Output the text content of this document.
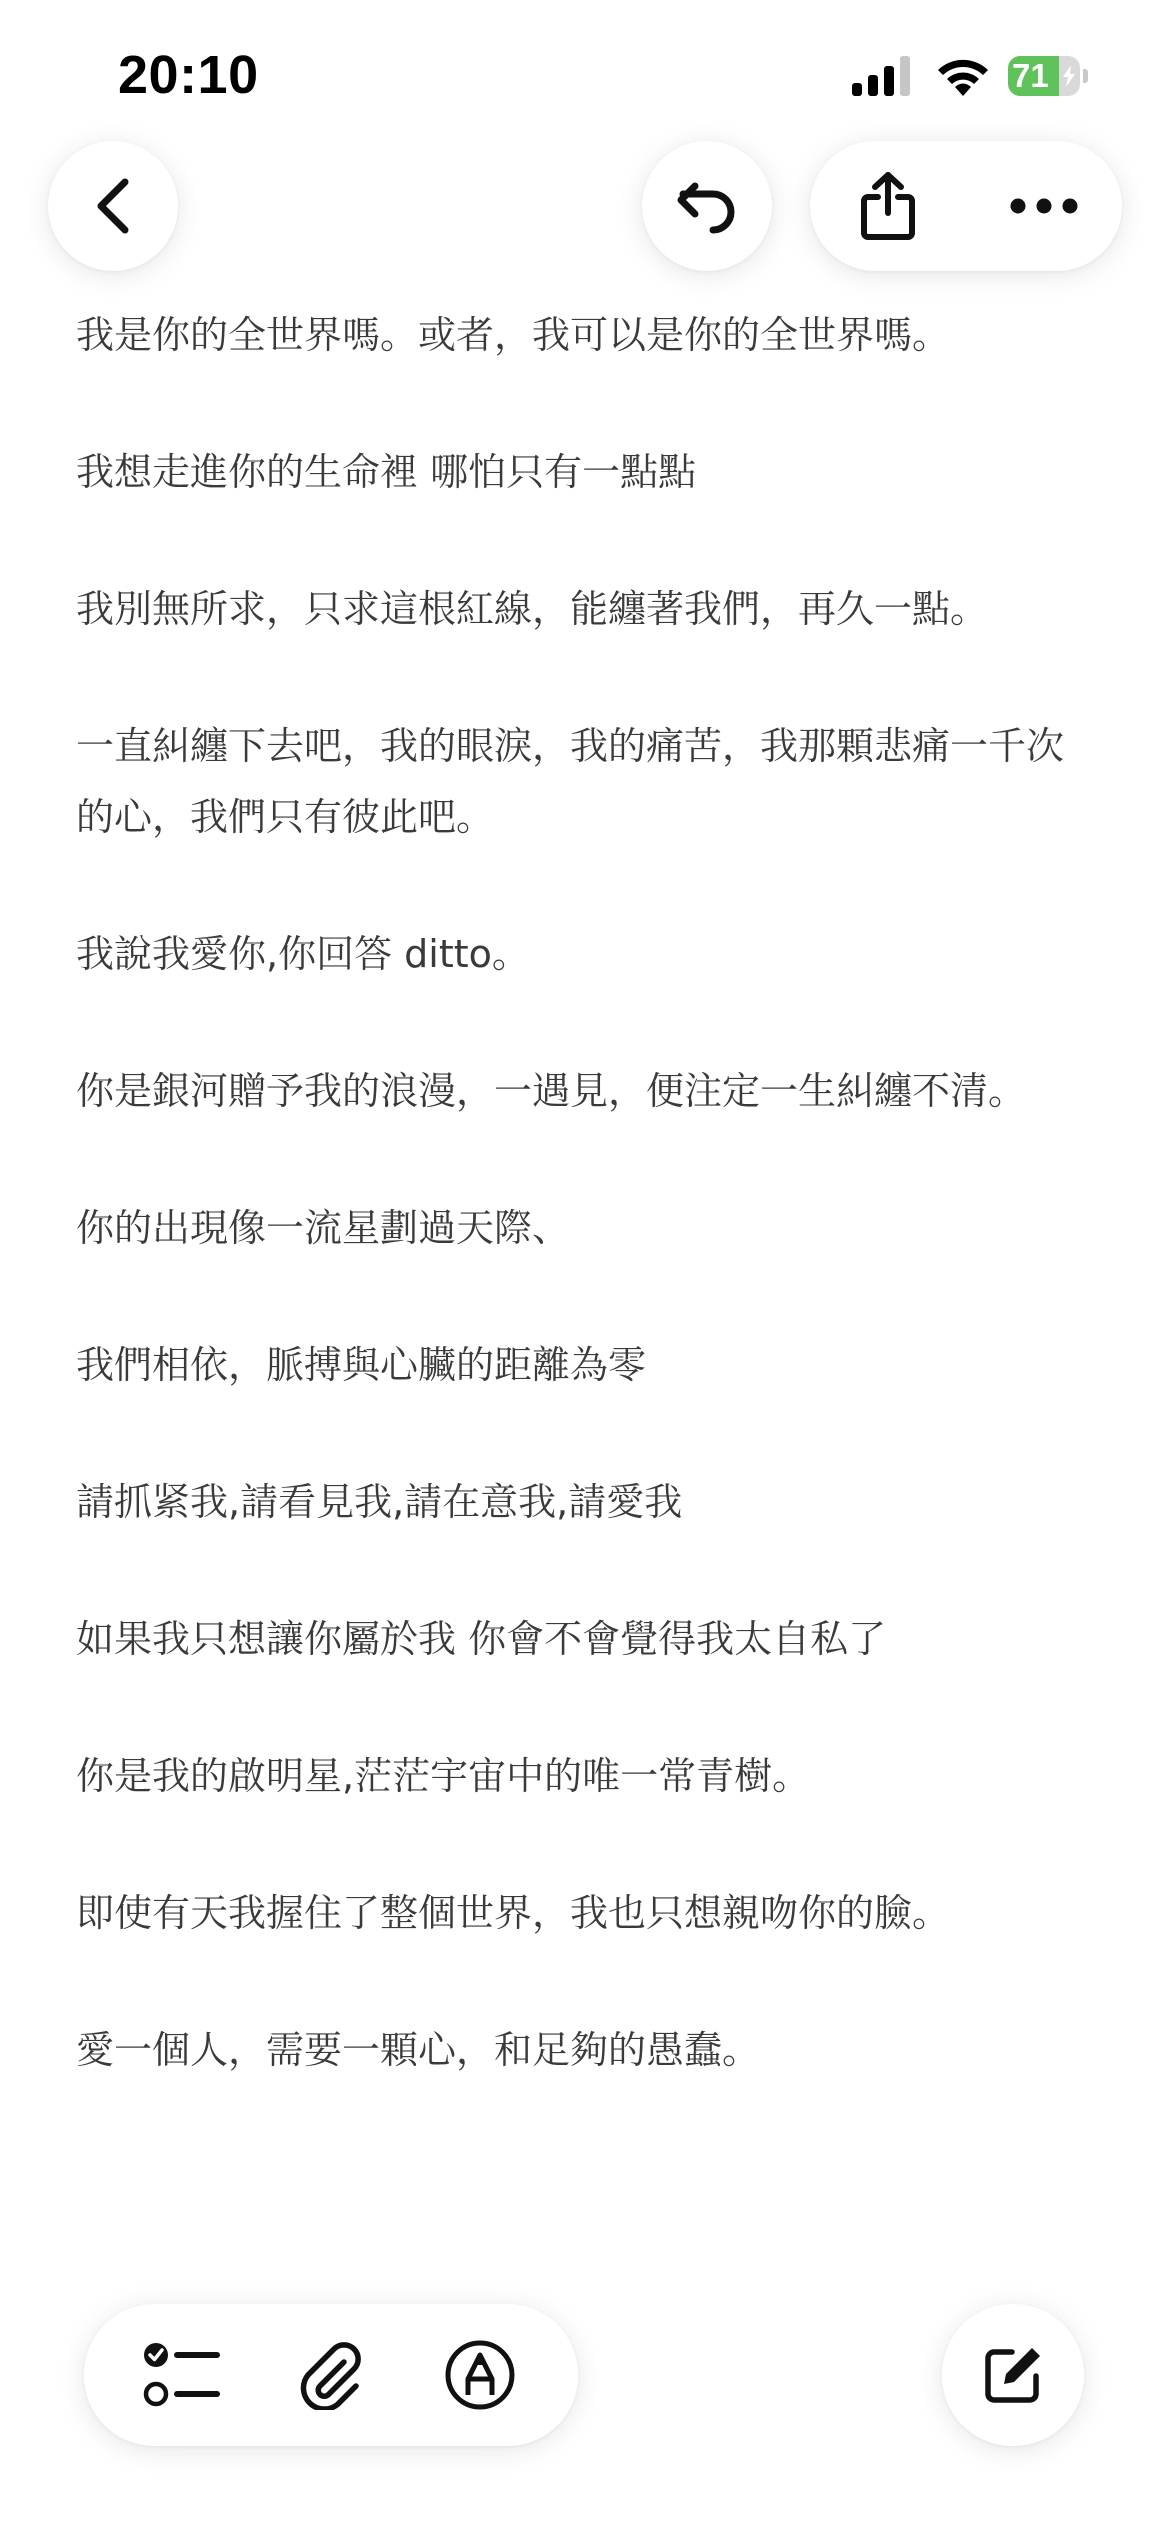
20:10	71

我是你的全世界嗎。或者，我可以是你的全世界嗎。

我想走進你的生命裡 哪怕只有一點點

我別無所求，只求這根紅線，能纏著我們，再久一點。

一直糾纏下去吧，我的眼淚，我的痛苦，我那顆悲痛一千次的心，我們只有彼此吧。

我說我愛你,你回答 ditto。

你是銀河贈予我的浪漫，一遇見，便注定一生糾纏不清。

你的出現像一流星劃過天際、

我們相依，脈搏與心臟的距離為零

請抓紧我,請看見我,請在意我,請愛我

如果我只想讓你屬於我 你會不會覺得我太自私了

你是我的啟明星,茫茫宇宙中的唯一常青樹。

即使有天我握住了整個世界，我也只想親吻你的臉。

愛一個人，需要一顆心，和足夠的愚蠢。
